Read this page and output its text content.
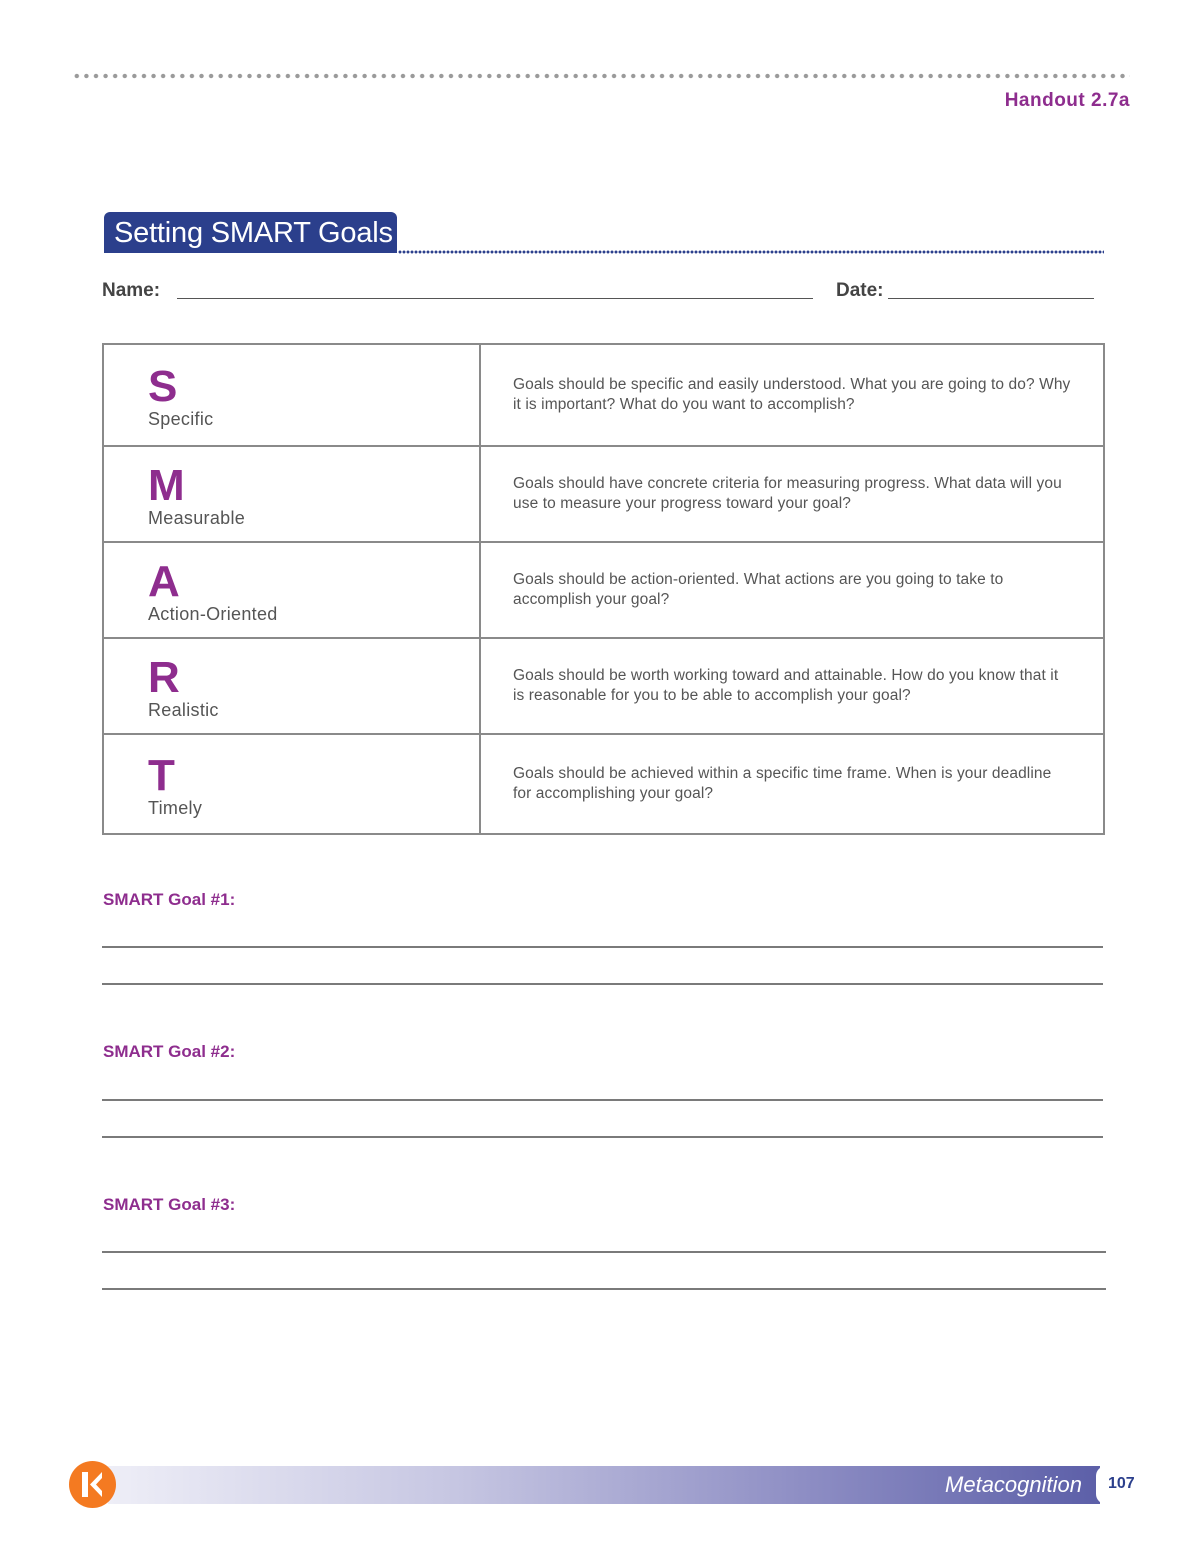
Handout 2.7a
Setting SMART Goals
Name:	Date:
S
Specific	Goals should be specific and easily understood. What you are going to do? Why it is important? What do you want to accomplish?

M
Measurable	Goals should have concrete criteria for measuring progress. What data will you use to measure your progress toward your goal?

A
Action-Oriented	Goals should be action-oriented. What actions are you going to take to accomplish your goal?

R
Realistic	Goals should be worth working toward and attainable. How do you know that it is reasonable for you to be able to accomplish your goal?

T
Timely	Goals should be achieved within a specific time frame. When is your deadline for accomplishing your goal?
SMART Goal #1:
SMART Goal #2:
SMART Goal #3:
Metacognition	107
